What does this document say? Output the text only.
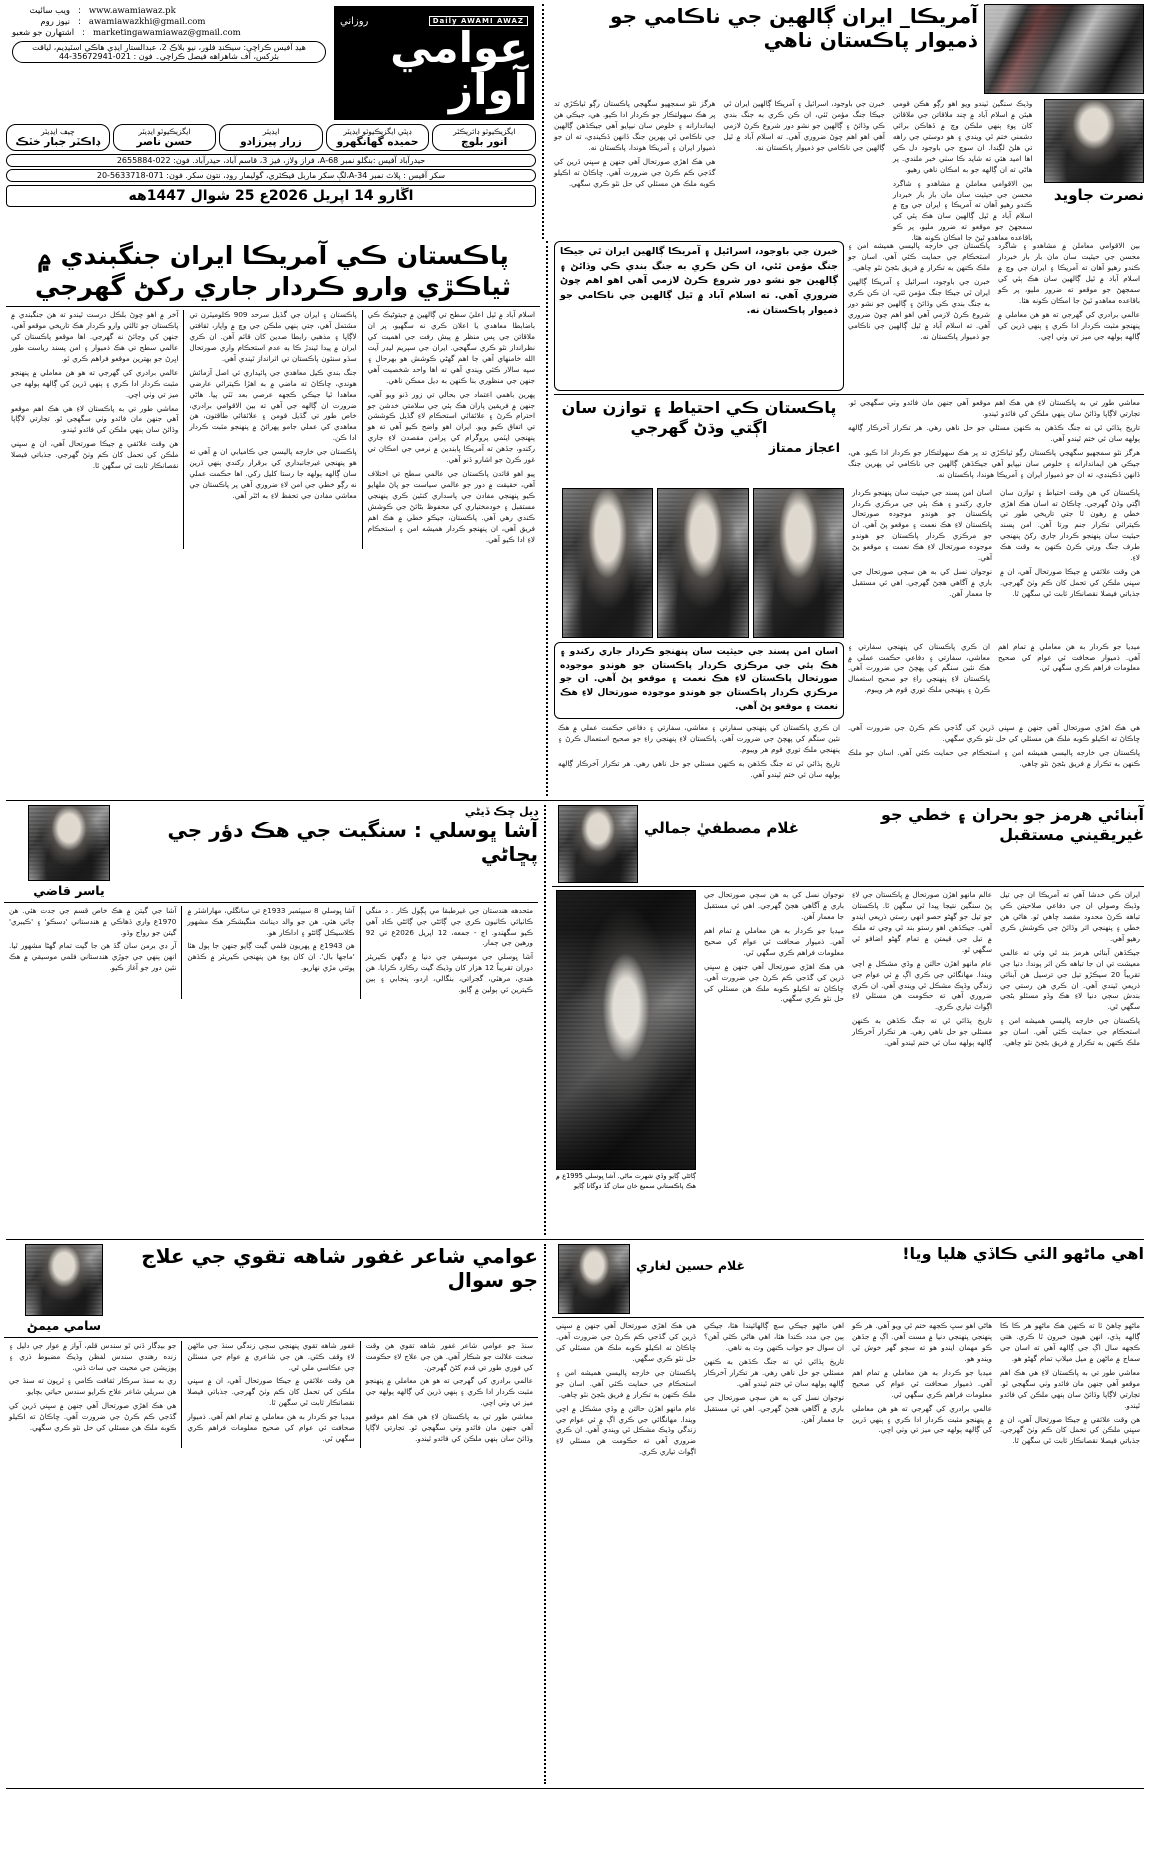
آمريڪا_ ايران ڳالهين جي ناڪامي جو ذميوار پاڪستان ناهي
نصرت جاويد

وڌيڪ سنگين ٽيندو ويو اهو رڳو هڪن قومي هيئن ۾ اسلام آباد ۾ چند ملاقاتن جي ملاقاتن کان پوءِ ٻنهي ملڪن وچ ۾ ڏهاڪن برائي دشمني ختم ٿي ويندي ۽ هو دوستي جي راهه تي هلڻ لڳندا. ان سوچ جي باوجود دل ڪي اها اميد هئي ته شايد ڪا سٺي خبر ملندي. پر هاڻي ته ان ڳالهه جو به امڪان ناهي رهيو.

بين الاقوامي معاملن ۾ مشاهدو ۽ شاگرد محسن جي حيثيت سان مان بار بار خبردار ڪندو رهيو آهان ته آمريڪا ۽ ايران جي وچ ۾ اسلام آباد ۾ ٿيل ڳالهين سان هڪ ٻئي کي سمجهڻ جو موقعو ته ضرور مليو، پر ڪو باقاعده معاهدو ٿيڻ جا امڪان ڪونه هئا.

خبرن جي باوجود، اسرائيل ۽ آمريڪا ڳالهين ايران ٿي جيڪا جنگ مؤمن ٿئي، ان ڪن ڪري به جنگ بندي ڪي وڌائڻ ۽ ڳالهين جو نشو دور شروع ڪرڻ لازمي آهي اهو اهم چوڻ ضروري آهي. ته اسلام آباد ۾ ٿيل ڳالهين جي ناڪامي جو ذميوار پاڪستان نه.

هرگز نٿو سمجهيو سگهجي پاڪستان رڳو ثياڪڙي تد پر هڪ سهولتڪار جو ڪردار ادا ڪيو. هي، جيڪي هن ايماندارانه ۽ خلوص سان نيپايو آهي جيڪڏهن ڳالهين جي ناڪامي ٿي پهرين جنگ ڏانهن ڏڪينڊي، ته ان جو ذميوار ايران ۽ آمريڪا هوندا، پاڪستان نه.

هي هڪ اهڙي صورتحال آهي جنهن ۾ سڀني ڌرين کي گڏجي ڪم ڪرڻ جي ضرورت آهي. ڇاڪاڻ ته اڪيلو ڪوبه ملڪ هن مسئلي کي حل نٿو ڪري سگهي.

Daily AWAMI AWAZ
روزاني
عوامي آواز
www.awamiawaz.pk
:
ويب سائيٽ
awamiawazkhi@gmail.com
:
نيوز روم
marketingawamiawaz@gmail.com
:
اشتهارن جو شعبو
هيڊ آفيس ڪراچي: سيڪنڊ فلور، نيو بلاڪ 2، عبدالستار ايڊي هاڪي اسٽيڊيم، لياقت بئركس، آف شاهراهه فيصل ڪراچي۔ فون : 021-35672941-44
ايگزيڪيوٽو ڊائريڪٽر
انور بلوچ
ڊپٽي ايگزيڪيوٽو ايڊيٽر
حميده گهانگهرو
ايڊيٽر
زرار پيرزادو
ايگزيڪيوٽو ايڊيٽر
حسن ناصر
چيف ايڊيٽر
ڊاڪٽر جبار خٽڪ
حيدرآباد آفيس :بنگلو نمبر A-68، فراز ولاز، فيز 3، قاسم آباد، حيدرآباد. فون: 022-2655884
سکر آفيس : پلاٽ نمبر A-34،لڳ سکر ماربل فيڪٽري، گوليمار روڊ، نتون سکر. فون: 071-5633718-20
اڱارو 14 اپريل 2026ع 25 شوال 1447هه

بين الاقوامي معاملن ۾ مشاهدو ۽ شاگرد محسن جي حيثيت سان مان بار بار خبردار ڪندو رهيو آهان ته آمريڪا ۽ ايران جي وچ ۾ اسلام آباد ۾ ٿيل ڳالهين سان هڪ ٻئي کي سمجهڻ جو موقعو ته ضرور مليو، پر ڪو باقاعده معاهدو ٿيڻ جا امڪان ڪونه هئا.

عالمي برادري کي گهرجي ته هو هن معاملي ۾ پنهنجو مثبت ڪردار ادا ڪري ۽ ٻنهي ڌرين کي ڳالهه ٻولهه جي ميز تي وٺي اچي.

پاڪستان جي خارجه پاليسي هميشه امن ۽ استحڪام جي حمايت ڪئي آهي. اسان جو ملڪ ڪنهن به تڪرار ۾ فريق بڻجڻ نٿو چاهي.

خبرن جي باوجود، اسرائيل ۽ آمريڪا ڳالهين ايران ٿي جيڪا جنگ مؤمن ٿئي، ان ڪن ڪري به جنگ بندي ڪي وڌائڻ ۽ ڳالهين جو نشو دور شروع ڪرڻ لازمي آهي اهو اهم چوڻ ضروري آهي. ته اسلام آباد ۾ ٿيل ڳالهين جي ناڪامي جو ذميوار پاڪستان نه.

خبرن جي باوجود، اسرائيل ۽ آمريڪا ڳالهين ايران ٿي جيڪا جنگ مؤمن ٿئي، ان ڪن ڪري به جنگ بندي ڪي وڌائڻ ۽ ڳالهين جو نشو دور شروع ڪرڻ لازمي آهي اهو اهم چوڻ ضروري آهي. ته اسلام آباد ۾ ٿيل ڳالهين جي ناڪامي جو ذميوار پاڪستان نه.

معاشي طور تي به پاڪستان لاءِ هي هڪ اهم موقعو آهي جنهن مان فائدو وٺي سگهجي ٿو. تجارتي لاڳاپا وڌائڻ سان ٻنهي ملڪن کي فائدو ٿيندو.

تاريخ ٻڌائي ٿي ته جنگ ڪڏهن به ڪنهن مسئلي جو حل ناهي رهي. هر تڪرار آخرڪار ڳالهه ٻولهه سان ئي ختم ٿيندو آهي.

هرگز نٿو سمجهيو سگهجي پاڪستان رڳو ثياڪڙي تد پر هڪ سهولتڪار جو ڪردار ادا ڪيو. هي، جيڪي هن ايماندارانه ۽ خلوص سان نيپايو آهي جيڪڏهن ڳالهين جي ناڪامي ٿي پهرين جنگ ڏانهن ڏڪينڊي، ته ان جو ذميوار ايران ۽ آمريڪا هوندا، پاڪستان نه.

پاڪستان ڪي احتياط ۽ توازن سان اڳتي وڌڻ گهرجي
اعجاز ممتاز

پاڪستان کي هن وقت احتياط ۽ توازن سان اڳتي وڌڻ گهرجي. ڇاڪاڻ ته اسان هڪ اهڙي خطي ۾ رهون ٿا جتي تاريخي طور تي ڪيترائي تڪرار جنم ورتا آهن. امن پسند حيثيت سان پنهنجو ڪردار جاري رکڻ پنهنجي طرف جنگ ورتي ڪرڻ ڪنهن به وقت هڪ لاءِ.

هن وقت علائقي ۾ جيڪا صورتحال آهي، ان ۾ سڀني ملڪن کي تحمل کان ڪم وٺڻ گهرجي. جذباتي فيصلا نقصانڪار ثابت ٿي سگهن ٿا.

اسان امن پسند جي حيثيت سان پنهنجو ڪردار جاري رکندو ۽ هڪ ٻئي جي مرڪزي ڪردار پاڪستان جو هوندو موجوده صورتحال پاڪستان لاءِ هڪ نعمت ۽ موقعو پڻ آهي. ان جو مرڪزي ڪردار پاڪستان جو هوندو موجوده صورتحال لاءِ هڪ نعمت ۽ موقعو پڻ آهي.

نوجوان نسل کي به هن سڄي صورتحال جي باري ۾ آگاهي هجڻ گهرجي. اهي ئي مستقبل جا معمار آهن.

ميڊيا جو ڪردار به هن معاملي ۾ تمام اهم آهي. ذميوار صحافت ئي عوام کي صحيح معلومات فراهم ڪري سگهي ٿي.

ان ڪري پاڪستان کي پنهنجي سفارتي ۽ معاشي، سفارتي ۽ دفاعي حڪمت عملي ۾ هڪ نئين سنگم کي پهچڻ جي ضرورت آهي. پاڪستان لاءِ پنهنجي راءِ جو صحيح استعمال ڪرڻ ۽ پنهنجي ملڪ توري قوم هر ويبوم.

اسان امن پسند جي حيثيت سان پنهنجو ڪردار جاري رکندو ۽ هڪ ٻئي جي مرڪزي ڪردار پاڪستان جو هوندو موجوده صورتحال پاڪستان لاءِ هڪ نعمت ۽ موقعو پڻ آهي. ان جو مرڪزي ڪردار پاڪستان جو هوندو موجوده صورتحال لاءِ هڪ نعمت ۽ موقعو پڻ آهي.

هي هڪ اهڙي صورتحال آهي جنهن ۾ سڀني ڌرين کي گڏجي ڪم ڪرڻ جي ضرورت آهي. ڇاڪاڻ ته اڪيلو ڪوبه ملڪ هن مسئلي کي حل نٿو ڪري سگهي.

پاڪستان جي خارجه پاليسي هميشه امن ۽ استحڪام جي حمايت ڪئي آهي. اسان جو ملڪ ڪنهن به تڪرار ۾ فريق بڻجڻ نٿو چاهي.

ان ڪري پاڪستان کي پنهنجي سفارتي ۽ معاشي، سفارتي ۽ دفاعي حڪمت عملي ۾ هڪ نئين سنگم کي پهچڻ جي ضرورت آهي. پاڪستان لاءِ پنهنجي راءِ جو صحيح استعمال ڪرڻ ۽ پنهنجي ملڪ توري قوم هر ويبوم.

تاريخ ٻڌائي ٿي ته جنگ ڪڏهن به ڪنهن مسئلي جو حل ناهي رهي. هر تڪرار آخرڪار ڳالهه ٻولهه سان ئي ختم ٿيندو آهي.

پاڪستان ڪي آمريڪا ايران جنگبندي ۾
ثياڪڙي وارو ڪردار جاري رکڻ گهرجي

اسلام آباد ۾ ٿيل اعليٰ سطح تي ڳالهين ۾ جيتوڻيڪ ڪي باضابطا معاهدي يا اعلان ڪري نه سگهيو، پر ان ملاقاتن جي پس منظر ۾ پيش رفت جي اهميت کي نظرانداز نٿو ڪري سگهجي. ايران جي سپريم ليڊر آيت الله خامنهاي آهي جا اهم گهڻي ڪوشش هو بهرحال ۽ سپه سالار ڪئي ويندي آهي ته اها واحد شخصيت آهي جنهن جي منظوري بنا ڪنهن به ڊيل ممڪن ناهي.

پهرين باهمي اعتماد جي بحالي تي زور ڏنو ويو آهي، جنهن ۾ فريقين پاران هڪ ٻئي جي سلامتي خدشن جو احترام ڪرڻ ۽ علائقائي استحڪام لاءِ گڏيل ڪوششن تي اتفاق ڪيو ويو. ايران اهو واضح ڪيو آهي ته هو پنهنجي ايٽمي پروگرام کي پرامن مقصدن لاءِ جاري رکندو، جڏهن ته آمريڪا پابندين ۾ نرمي جي امڪان تي غور ڪرڻ جو اشارو ڏنو آهي.

پيو اهو قائدن پاڪستان جي عالمي سطح تي اختلاف آهي، حقيقت ۾ دور جو عالمي سياست جو پاڻ ملهايو ڪيو پنهنجي مفادن جي پاسداري کنئين ڪري پنهنجي مستقبل ۽ خودمختياري کي محفوظ بڻائڻ جي ڪوشش ڪندي رهي آهي. پاڪستان، جيڪو خطي ۾ هڪ اهم فريق آهي، ان پنهنجو ڪردار هميشه امن ۽ استحڪام لاءِ ادا ڪيو آهي.

پاڪستان ۽ ايران جي گڏيل سرحد 909 ڪلوميٽرن تي مشتمل آهي، جتي ٻنهي ملڪن جي وچ ۾ واپار، ثقافتي لاڳاپا ۽ مذهبي رابطا صدين کان قائم آهن. ان ڪري ايران ۾ پيدا ٿيندڙ ڪا به عدم استحڪام واري صورتحال سڌو سنئون پاڪستان تي اثرانداز ٿيندي آهي.

جنگ بندي ڪيل معاهدي جي پائيداري ئي اصل آزمائش هوندي، ڇاڪاڻ ته ماضي ۾ به اهڙا ڪيترائي عارضي معاهدا ٿيا جيڪي ڪجهه عرصي بعد ٽٽي پيا. هاڻي ضرورت ان ڳالهه جي آهي ته بين الاقوامي برادري، خاص طور تي گڏيل قومن ۽ علائقائي طاقتون، هن معاهدي کي عملي جامو پهرائڻ ۾ پنهنجو مثبت ڪردار ادا ڪن.

پاڪستان جي خارجه پاليسي جي ڪاميابي ان ۾ آهي ته هو پنهنجي غيرجانبداري کي برقرار رکندي ٻنهي ڌرين سان ڳالهه ٻولهه جا رستا کليل رکي. اها حڪمت عملي نه رڳو خطي جي امن لاءِ ضروري آهي پر پاڪستان جي معاشي مفادن جي تحفظ لاءِ به اڻٽر آهي.

آخر ۾ اهو چوڻ بلڪل درست ٿيندو ته هن جنگبندي ۾ پاڪستان جو ثالثي وارو ڪردار هڪ تاريخي موقعو آهي، جنهن کي وڃائڻ نه گهرجي. اها موقعو پاڪستان کي عالمي سطح تي هڪ ذميوار ۽ امن پسند رياست طور اڀرڻ جو بهترين موقعو فراهم ڪري ٿو.

عالمي برادري کي گهرجي ته هو هن معاملي ۾ پنهنجو مثبت ڪردار ادا ڪري ۽ ٻنهي ڌرين کي ڳالهه ٻولهه جي ميز تي وٺي اچي.

معاشي طور تي به پاڪستان لاءِ هي هڪ اهم موقعو آهي جنهن مان فائدو وٺي سگهجي ٿو. تجارتي لاڳاپا وڌائڻ سان ٻنهي ملڪن کي فائدو ٿيندو.

هن وقت علائقي ۾ جيڪا صورتحال آهي، ان ۾ سڀني ملڪن کي تحمل کان ڪم وٺڻ گهرجي. جذباتي فيصلا نقصانڪار ثابت ٿي سگهن ٿا.

آبنائي هرمز جو بحران ۽ خطي جو غيريقيني مستقبل
غلام مصطفيٰ جمالي

ايران ڪي خدشا آهي ته آمريڪا ان جي تيل وڌيڪ وصولي ان جي دفاعي صلاحيتن ڪي تباهه ڪرڻ محدود مقصد چاهي ٿو. هاڻي هن خطي ۽ پنهنجي اثر وڌائڻ جي ڪوشش ڪري رهيو آهي.

جيڪڏهن آبنائي هرمز بند ٿي وئي ته عالمي معيشت تي ان جا تباهه ڪن اثر پوندا. دنيا جي تقريباً 20 سيڪڙو تيل جي ترسيل هن آبنائي ذريعي ٿيندي آهي. ان ڪري هن رستي جي بندش سڄي دنيا لاءِ هڪ وڏو مسئلو بڻجي سگهي ٿي.

پاڪستان جي خارجه پاليسي هميشه امن ۽ استحڪام جي حمايت ڪئي آهي. اسان جو ملڪ ڪنهن به تڪرار ۾ فريق بڻجڻ نٿو چاهي.

عالم مانهو اهڙن صورتحال ۾ پاڪستان جي لاءِ پڻ سنگين نتيجا پيدا ٿي سگهن ٿا. پاڪستان جو تيل جو گهڻو حصو انهي رستي ذريعي ايندو آهي. جيڪڏهن اهو رستو بند ٿي وڃي ته ملڪ ۾ تيل جي قيمتن ۾ تمام گهڻو اضافو ٿي سگهي ٿو.

عام مانهو اهڙن حالتن ۾ وڏي مشڪل ۾ اچي ويندا. مهانگائي جي ڪري اڳ ۾ ئي عوام جي زندگي وڏيڪ مشڪل ٿي ويندي آهي. ان ڪري ضروري آهي ته حڪومت هن مسئلي لاءِ اڳواٽ تياري ڪري.

تاريخ ٻڌائي ٿي ته جنگ ڪڏهن به ڪنهن مسئلي جو حل ناهي رهي. هر تڪرار آخرڪار ڳالهه ٻولهه سان ئي ختم ٿيندو آهي.

نوجوان نسل کي به هن سڄي صورتحال جي باري ۾ آگاهي هجڻ گهرجي. اهي ئي مستقبل جا معمار آهن.

ميڊيا جو ڪردار به هن معاملي ۾ تمام اهم آهي. ذميوار صحافت ئي عوام کي صحيح معلومات فراهم ڪري سگهي ٿي.

هي هڪ اهڙي صورتحال آهي جنهن ۾ سڀني ڌرين کي گڏجي ڪم ڪرڻ جي ضرورت آهي. ڇاڪاڻ ته اڪيلو ڪوبه ملڪ هن مسئلي کي حل نٿو ڪري سگهي.

ڳائڻي ڳايو وڏي شهرت ماڻي. آشا ڀوسلي 1995ع ۾ هڪ پاڪستاني سميع خان سان گڏ دوگانا ڳايو
ڊيل ڇڪ ڏيڻي
آشا ڀوسلي : سنگيت جي هڪ دؤر جي پڇاڻي
ياسر قاضي

متحدهه هندستان جي غيرطبقا مي پڳول ڪار . د منگي ڪاٺيائي ڪاٺيون ڪري جي ڳائڻي جي ڳائڻي ڪاڊ آهي ڪيو سگهندو. اڄ - جمعه، 12 اپريل 2026ع تي 92 ورهين جي ڄمار.

آشا ڀوسلي جي موسيقي جي دنيا ۾ ڊگهي ڪيريئر دوران تقريباً 12 هزار کان وڌيڪ گيت رڪارڊ ڪرايا. هن هندي، مرهٽي، گجراتي، بنگالي، اردو، پنجابي ۽ ٻين ڪيترين ئي ٻولين ۾ ڳايو.

آشا ڀوسلي 8 سيپٽمبر 1933ع تي سانگلي، مهاراشٽر ۾ ڄائي هئي. هن جو والد دينانٿ منگيشڪر هڪ مشهور ڪلاسيڪل ڳائڻو ۽ اداڪار هو.

هن 1943ع ۾ پهريون فلمي گيت ڳايو جنهن جا ٻول هئا 'ماجها بال'. ان کان پوءِ هن پنهنجي ڪيريئر ۾ ڪڏهن پوئتي مڙي نهاريو.

آشا جي گيتن ۾ هڪ خاص قسم جي جدت هئي. هن 1970ع واري ڏهاڪي ۾ هندستاني 'ڊسڪو' ۽ 'ڪيبري' گيتن جو رواج وڌو.

آر ڊي برمن سان گڏ هن جا گيت تمام گهڻا مشهور ٿيا. انهن ٻنهي جي جوڙي هندستاني فلمي موسيقي ۾ هڪ نئين دور جو آغاز ڪيو.

اهي ماڻهو الئي ڪاڏي هليا ويا!
غلام حسين لغاري

ماڻهو چاهڻ ٿا ته ڪنهن هڪ ماڻهو هر ڪا ڪا ڳالهه ٻڌي، انهن هيون خبرون ٿا ڪري. هتي ڪجهه سال اڳ جي ڳالهه آهي ته اسان جي سماج ۾ ماڻهن ۾ ميل ميلاپ تمام گهڻو هو.

معاشي طور تي به پاڪستان لاءِ هي هڪ اهم موقعو آهي جنهن مان فائدو وٺي سگهجي ٿو. تجارتي لاڳاپا وڌائڻ سان ٻنهي ملڪن کي فائدو ٿيندو.

هن وقت علائقي ۾ جيڪا صورتحال آهي، ان ۾ سڀني ملڪن کي تحمل کان ڪم وٺڻ گهرجي. جذباتي فيصلا نقصانڪار ثابت ٿي سگهن ٿا.

هاڻي اهو سڀ ڪجهه ختم ٿي ويو آهي. هر ڪو پنهنجي پنهنجي دنيا ۾ مست آهي. اڳ ۾ جڏهن ڪو مهمان ايندو هو ته سڄو گهر خوش ٿي ويندو هو.

ميڊيا جو ڪردار به هن معاملي ۾ تمام اهم آهي. ذميوار صحافت ئي عوام کي صحيح معلومات فراهم ڪري سگهي ٿي.

عالمي برادري کي گهرجي ته هو هن معاملي ۾ پنهنجو مثبت ڪردار ادا ڪري ۽ ٻنهي ڌرين کي ڳالهه ٻولهه جي ميز تي وٺي اچي.

اهي ماڻهو جيڪي سچ ڳالهائيندا هئا، جيڪي ٻين جي مدد ڪندا هئا، اهي هاڻي ڪٿي آهن؟ ان سوال جو جواب ڪنهن وٽ به ناهي.

تاريخ ٻڌائي ٿي ته جنگ ڪڏهن به ڪنهن مسئلي جو حل ناهي رهي. هر تڪرار آخرڪار ڳالهه ٻولهه سان ئي ختم ٿيندو آهي.

نوجوان نسل کي به هن سڄي صورتحال جي باري ۾ آگاهي هجڻ گهرجي. اهي ئي مستقبل جا معمار آهن.

هي هڪ اهڙي صورتحال آهي جنهن ۾ سڀني ڌرين کي گڏجي ڪم ڪرڻ جي ضرورت آهي. ڇاڪاڻ ته اڪيلو ڪوبه ملڪ هن مسئلي کي حل نٿو ڪري سگهي.

پاڪستان جي خارجه پاليسي هميشه امن ۽ استحڪام جي حمايت ڪئي آهي. اسان جو ملڪ ڪنهن به تڪرار ۾ فريق بڻجڻ نٿو چاهي.

عام مانهو اهڙن حالتن ۾ وڏي مشڪل ۾ اچي ويندا. مهانگائي جي ڪري اڳ ۾ ئي عوام جي زندگي وڏيڪ مشڪل ٿي ويندي آهي. ان ڪري ضروري آهي ته حڪومت هن مسئلي لاءِ اڳواٽ تياري ڪري.

عوامي شاعر غفور شاهه تقوي جي علاج جو سوال
سامي ميمڻ

سنڌ جو عوامي شاعر غفور شاهه تقوي هن وقت سخت علالت جو شڪار آهي. هن جي علاج لاءِ حڪومت کي فوري طور تي قدم کڻڻ گهرجن.

عالمي برادري کي گهرجي ته هو هن معاملي ۾ پنهنجو مثبت ڪردار ادا ڪري ۽ ٻنهي ڌرين کي ڳالهه ٻولهه جي ميز تي وٺي اچي.

معاشي طور تي به پاڪستان لاءِ هي هڪ اهم موقعو آهي جنهن مان فائدو وٺي سگهجي ٿو. تجارتي لاڳاپا وڌائڻ سان ٻنهي ملڪن کي فائدو ٿيندو.

غفور شاهه تقوي پنهنجي سڄي زندگي سنڌ جي ماڻهن لاءِ وقف ڪئي. هن جي شاعري ۾ عوام جي مسئلن جي عڪاسي ملي ٿي.

هن وقت علائقي ۾ جيڪا صورتحال آهي، ان ۾ سڀني ملڪن کي تحمل کان ڪم وٺڻ گهرجي. جذباتي فيصلا نقصانڪار ثابت ٿي سگهن ٿا.

ميڊيا جو ڪردار به هن معاملي ۾ تمام اهم آهي. ذميوار صحافت ئي عوام کي صحيح معلومات فراهم ڪري سگهي ٿي.

جو بيڊگار ڏني ٿو سندس قلم، آواز ۾ عوار جي دليل ۽ زنده رهندي سندس لفظن وڏيڪ مضبوط ذري ۽ پوزيشن جي محبت جي ساٿ ڏني.

ري به سنڌ سرڪار ثقافت ڪامي ۽ ٿرپون ته سنڌ جي هن سريلي شاعر علاج ڪرايو سندس حياتي بچايو.

هي هڪ اهڙي صورتحال آهي جنهن ۾ سڀني ڌرين کي گڏجي ڪم ڪرڻ جي ضرورت آهي. ڇاڪاڻ ته اڪيلو ڪوبه ملڪ هن مسئلي کي حل نٿو ڪري سگهي.
